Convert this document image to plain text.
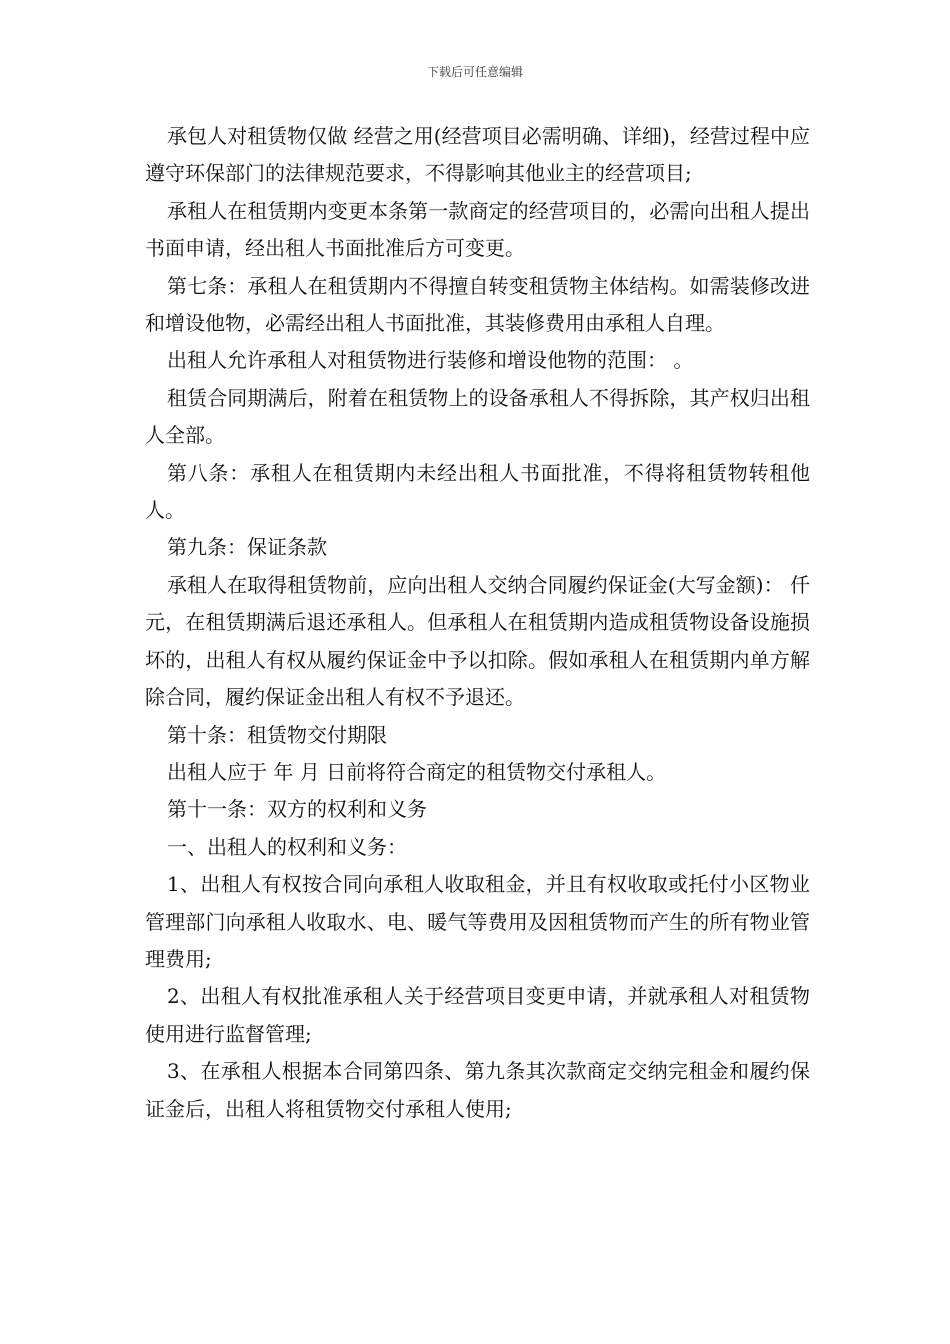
下载后可任意编辑

承包人对租赁物仅做 经营之用(经营项目必需明确、详细)，经营过程中应遵守环保部门的法律规范要求，不得影响其他业主的经营项目;

承租人在租赁期内变更本条第一款商定的经营项目的，必需向出租人提出书面申请，经出租人书面批准后方可变更。

第七条：承租人在租赁期内不得擅自转变租赁物主体结构。如需装修改进和增设他物，必需经出租人书面批准，其装修费用由承租人自理。

出租人允许承租人对租赁物进行装修和增设他物的范围： 。

租赁合同期满后，附着在租赁物上的设备承租人不得拆除，其产权归出租人全部。

第八条：承租人在租赁期内未经出租人书面批准，不得将租赁物转租他人。

第九条：保证条款

承租人在取得租赁物前，应向出租人交纳合同履约保证金(大写金额)： 仟元，在租赁期满后退还承租人。但承租人在租赁期内造成租赁物设备设施损坏的，出租人有权从履约保证金中予以扣除。假如承租人在租赁期内单方解除合同，履约保证金出租人有权不予退还。

第十条：租赁物交付期限

出租人应于 年 月 日前将符合商定的租赁物交付承租人。

第十一条：双方的权利和义务

一、出租人的权利和义务：

1、出租人有权按合同向承租人收取租金，并且有权收取或托付小区物业管理部门向承租人收取水、电、暖气等费用及因租赁物而产生的所有物业管理费用;

2、出租人有权批准承租人关于经营项目变更申请，并就承租人对租赁物使用进行监督管理;

3、在承租人根据本合同第四条、第九条其次款商定交纳完租金和履约保证金后，出租人将租赁物交付承租人使用;
